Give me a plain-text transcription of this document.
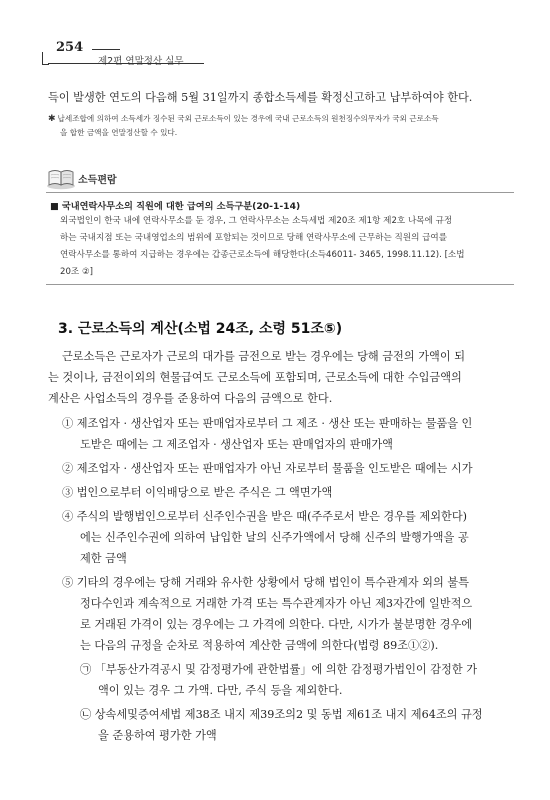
254
제2편 연말정산 실무
득이 발생한 연도의 다음해 5월 31일까지 종합소득세를 확정신고하고 납부하여야 한다.
✱ 납세조합에 의하여 소득세가 징수된 국외 근로소득이 있는 경우에 국내 근로소득의 원천징수의무자가 국외 근로소득
을 합한 금액을 연말정산할 수 있다.
소득편람
■ 국내연락사무소의 직원에 대한 급여의 소득구분(20-1-14)
외국법인이 한국 내에 연락사무소를 둔 경우, 그 연락사무소는 소득세법 제20조 제1항 제2호 나목에 규정
하는 국내지점 또는 국내영업소의 범위에 포함되는 것이므로 당해 연락사무소에 근무하는 직원의 급여를
연락사무소를 통하여 지급하는 경우에는 갑종근로소득에 해당한다(소득46011- 3465, 1998.11.12). [소법
20조 ②]
3. 근로소득의 계산(소법 24조, 소령 51조⑤)
근로소득은 근로자가 근로의 대가를 금전으로 받는 경우에는 당해 금전의 가액이 되
는 것이나, 금전이외의 현물급여도 근로소득에 포함되며, 근로소득에 대한 수입금액의
계산은 사업소득의 경우를 준용하여 다음의 금액으로 한다.
① 제조업자 · 생산업자 또는 판매업자로부터 그 제조 · 생산 또는 판매하는 물품을 인
도받은 때에는 그 제조업자 · 생산업자 또는 판매업자의 판매가액
② 제조업자 · 생산업자 또는 판매업자가 아닌 자로부터 물품을 인도받은 때에는 시가
③ 법인으로부터 이익배당으로 받은 주식은 그 액면가액
④ 주식의 발행법인으로부터 신주인수권을 받은 때(주주로서 받은 경우를 제외한다)
에는 신주인수권에 의하여 납입한 날의 신주가액에서 당해 신주의 발행가액을 공
제한 금액
⑤ 기타의 경우에는 당해 거래와 유사한 상황에서 당해 법인이 특수관계자 외의 불특
정다수인과 계속적으로 거래한 가격 또는 특수관계자가 아닌 제3자간에 일반적으
로 거래된 가격이 있는 경우에는 그 가격에 의한다. 다만, 시가가 불분명한 경우에
는 다음의 규정을 순차로 적용하여 계산한 금액에 의한다(법령 89조①②).
㉠ 「부동산가격공시 및 감정평가에 관한법률」에 의한 감정평가법인이 감정한 가
액이 있는 경우 그 가액. 다만, 주식 등을 제외한다.
㉡ 상속세및증여세법 제38조 내지 제39조의2 및 동법 제61조 내지 제64조의 규정
을 준용하여 평가한 가액
